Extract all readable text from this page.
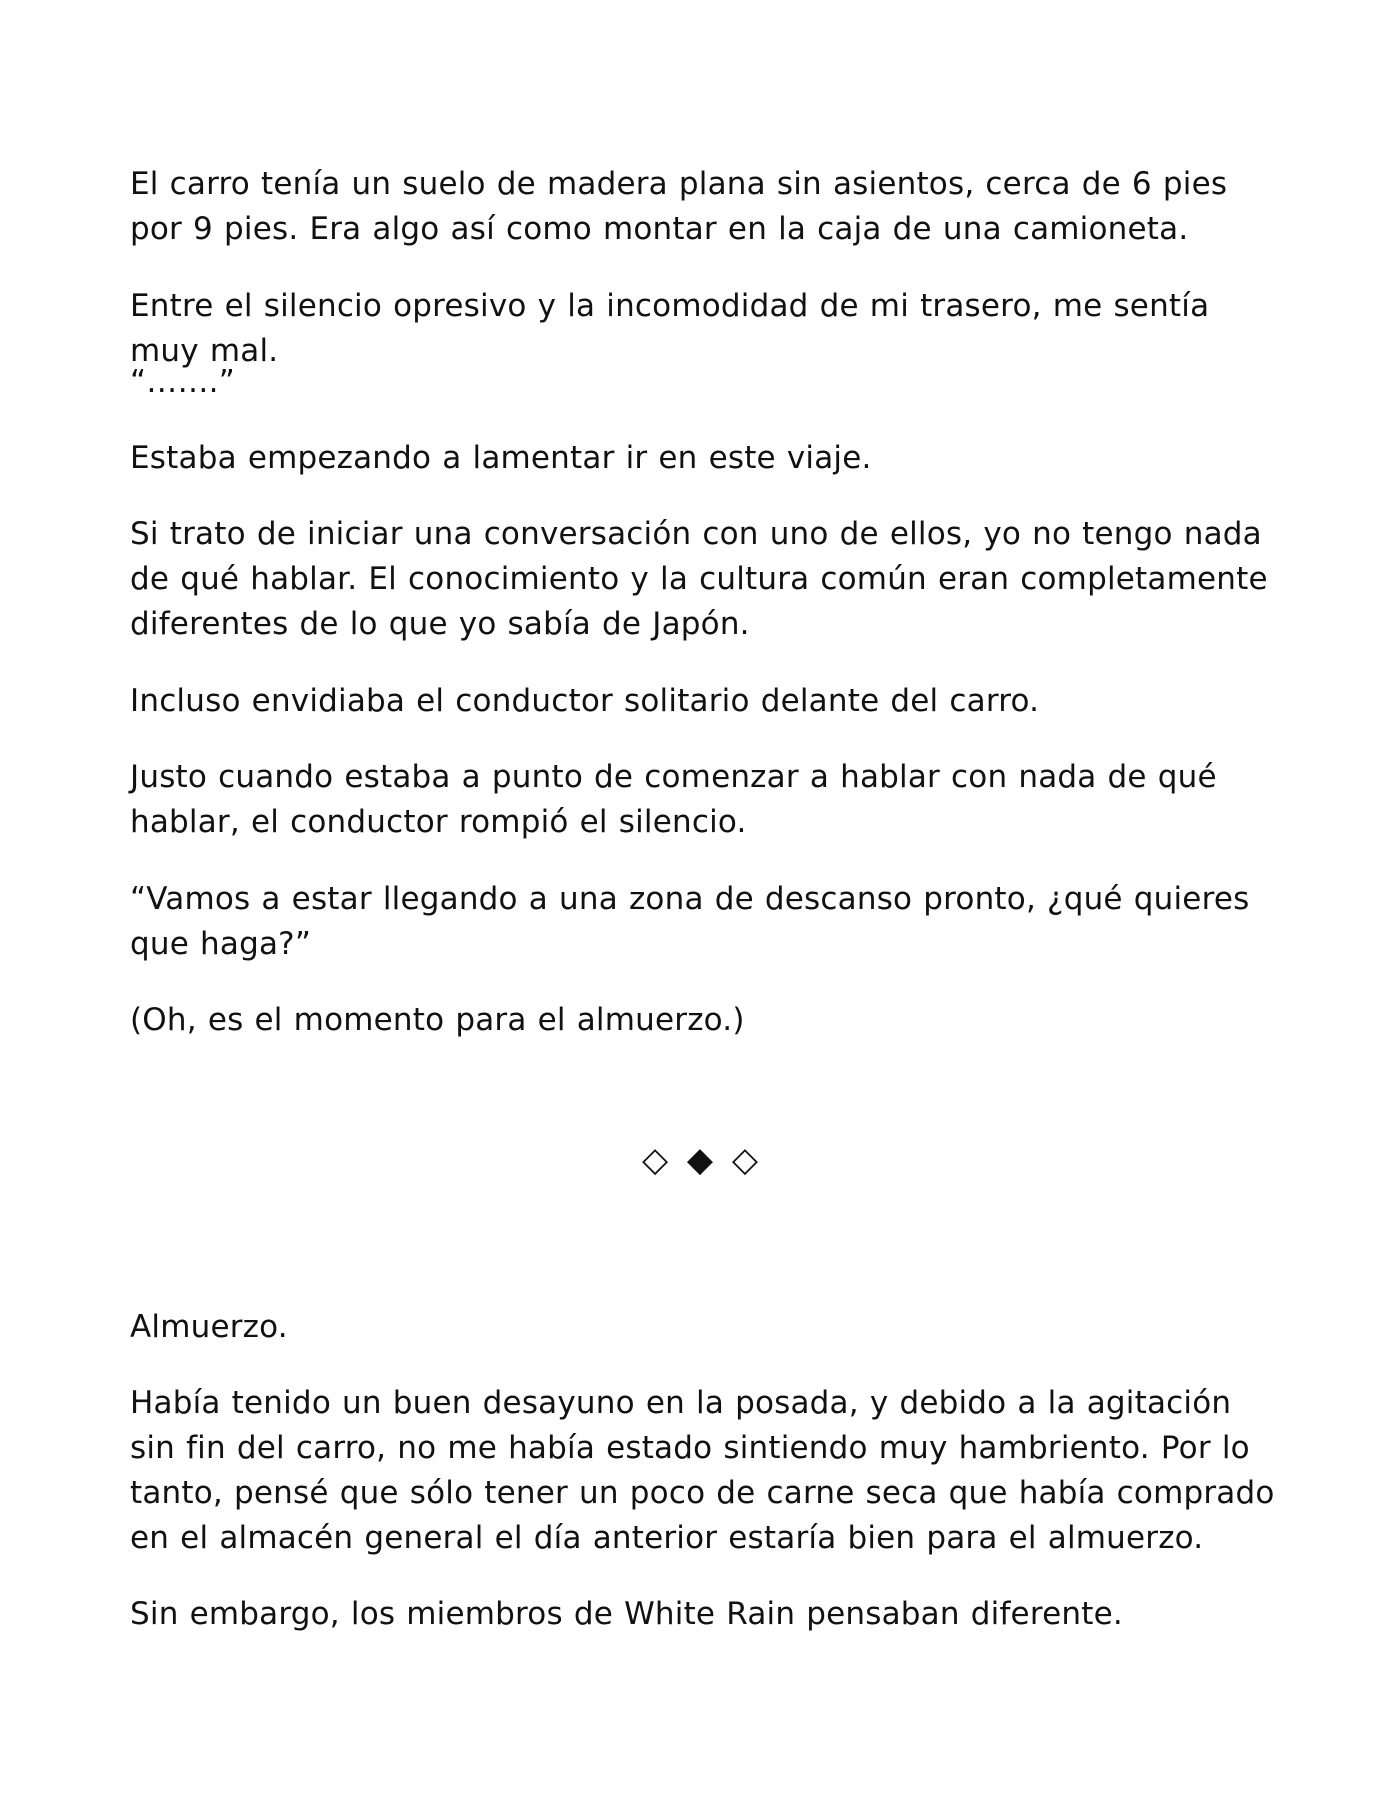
El carro tenía un suelo de madera plana sin asientos, cerca de 6 pies por 9 pies. Era algo así como montar en la caja de una camioneta.

Entre el silencio opresivo y la incomodidad de mi trasero, me sentía muy mal.

“…….”

Estaba empezando a lamentar ir en este viaje.

Si trato de iniciar una conversación con uno de ellos, yo no tengo nada de qué hablar. El conocimiento y la cultura común eran completamente diferentes de lo que yo sabía de Japón.

Incluso envidiaba el conductor solitario delante del carro.

Justo cuando estaba a punto de comenzar a hablar con nada de qué hablar, el conductor rompió el silencio.

“Vamos a estar llegando a una zona de descanso pronto, ¿qué quieres que haga?”

(Oh, es el momento para el almuerzo.)

◇ ◆ ◇

Almuerzo.

Había tenido un buen desayuno en la posada, y debido a la agitación sin fin del carro, no me había estado sintiendo muy hambriento. Por lo tanto, pensé que sólo tener un poco de carne seca que había comprado en el almacén general el día anterior estaría bien para el almuerzo.

Sin embargo, los miembros de White Rain pensaban diferente.
